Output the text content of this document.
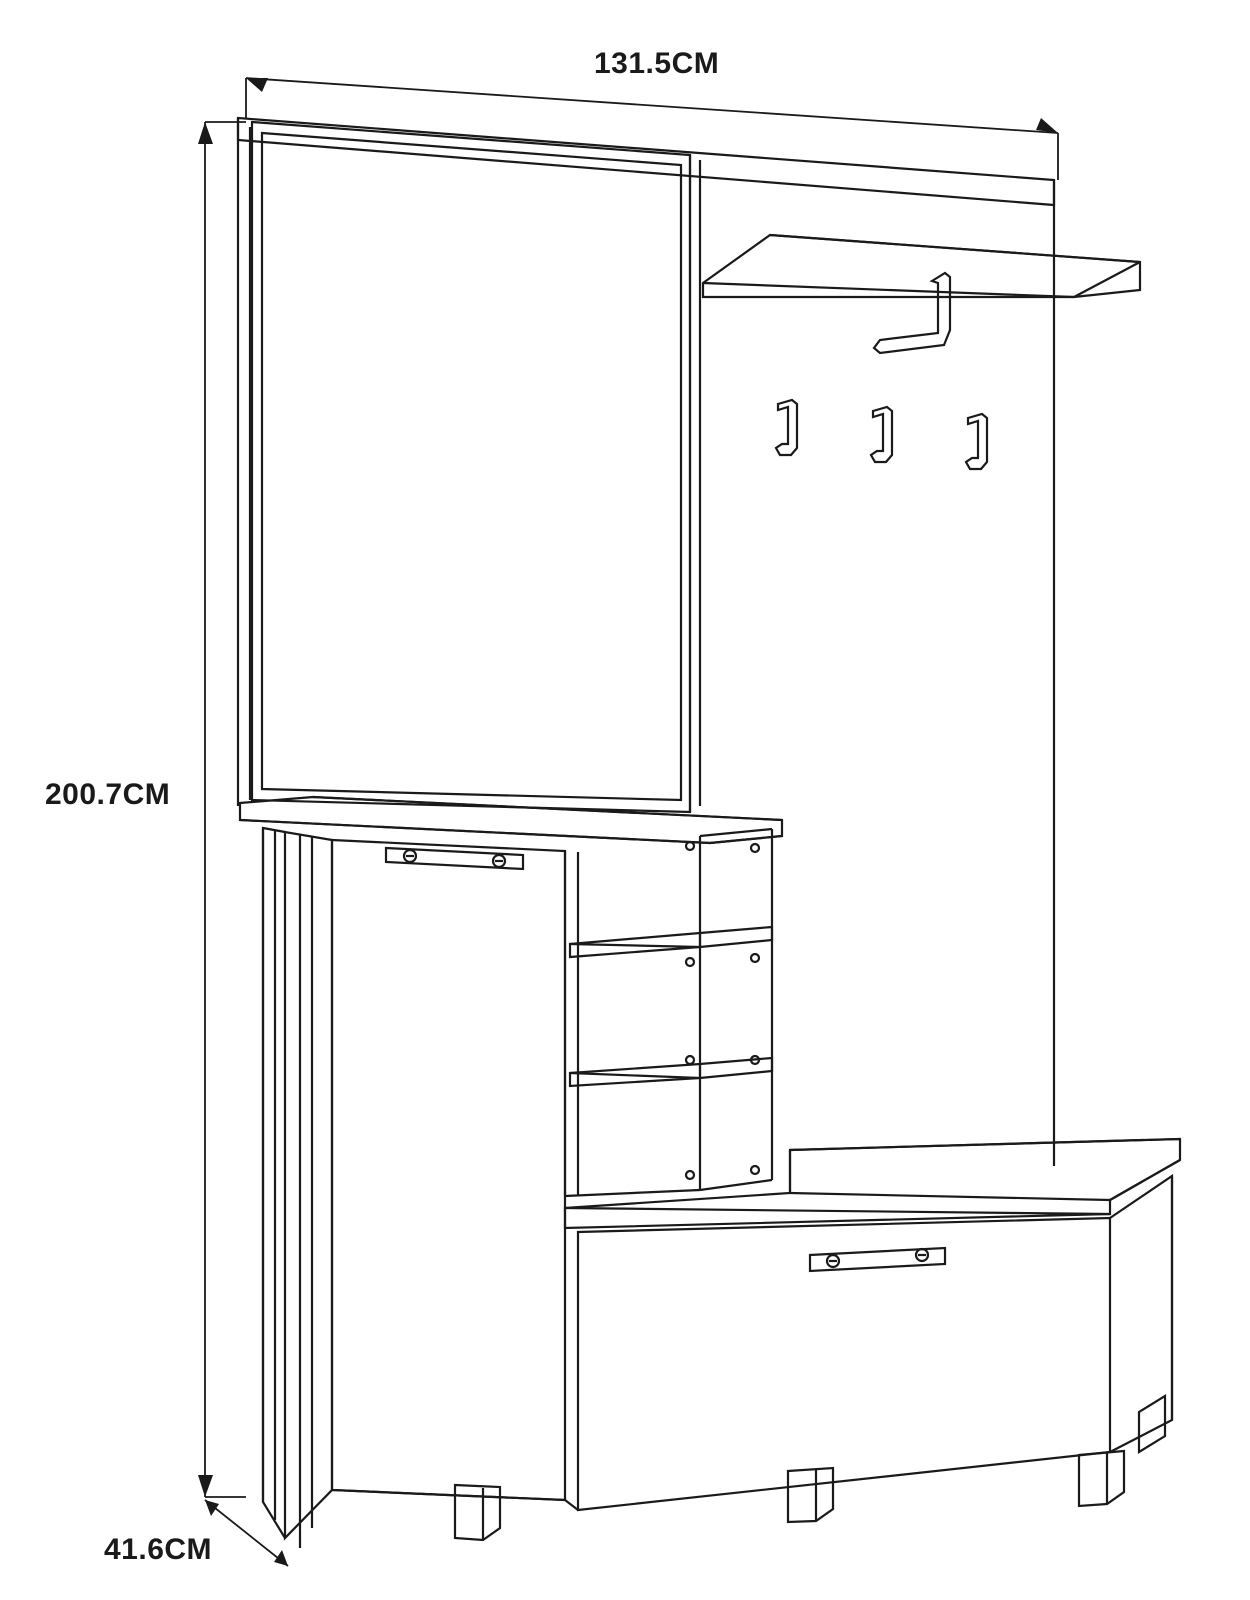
131.5CM
200.7CM
41.6CM
